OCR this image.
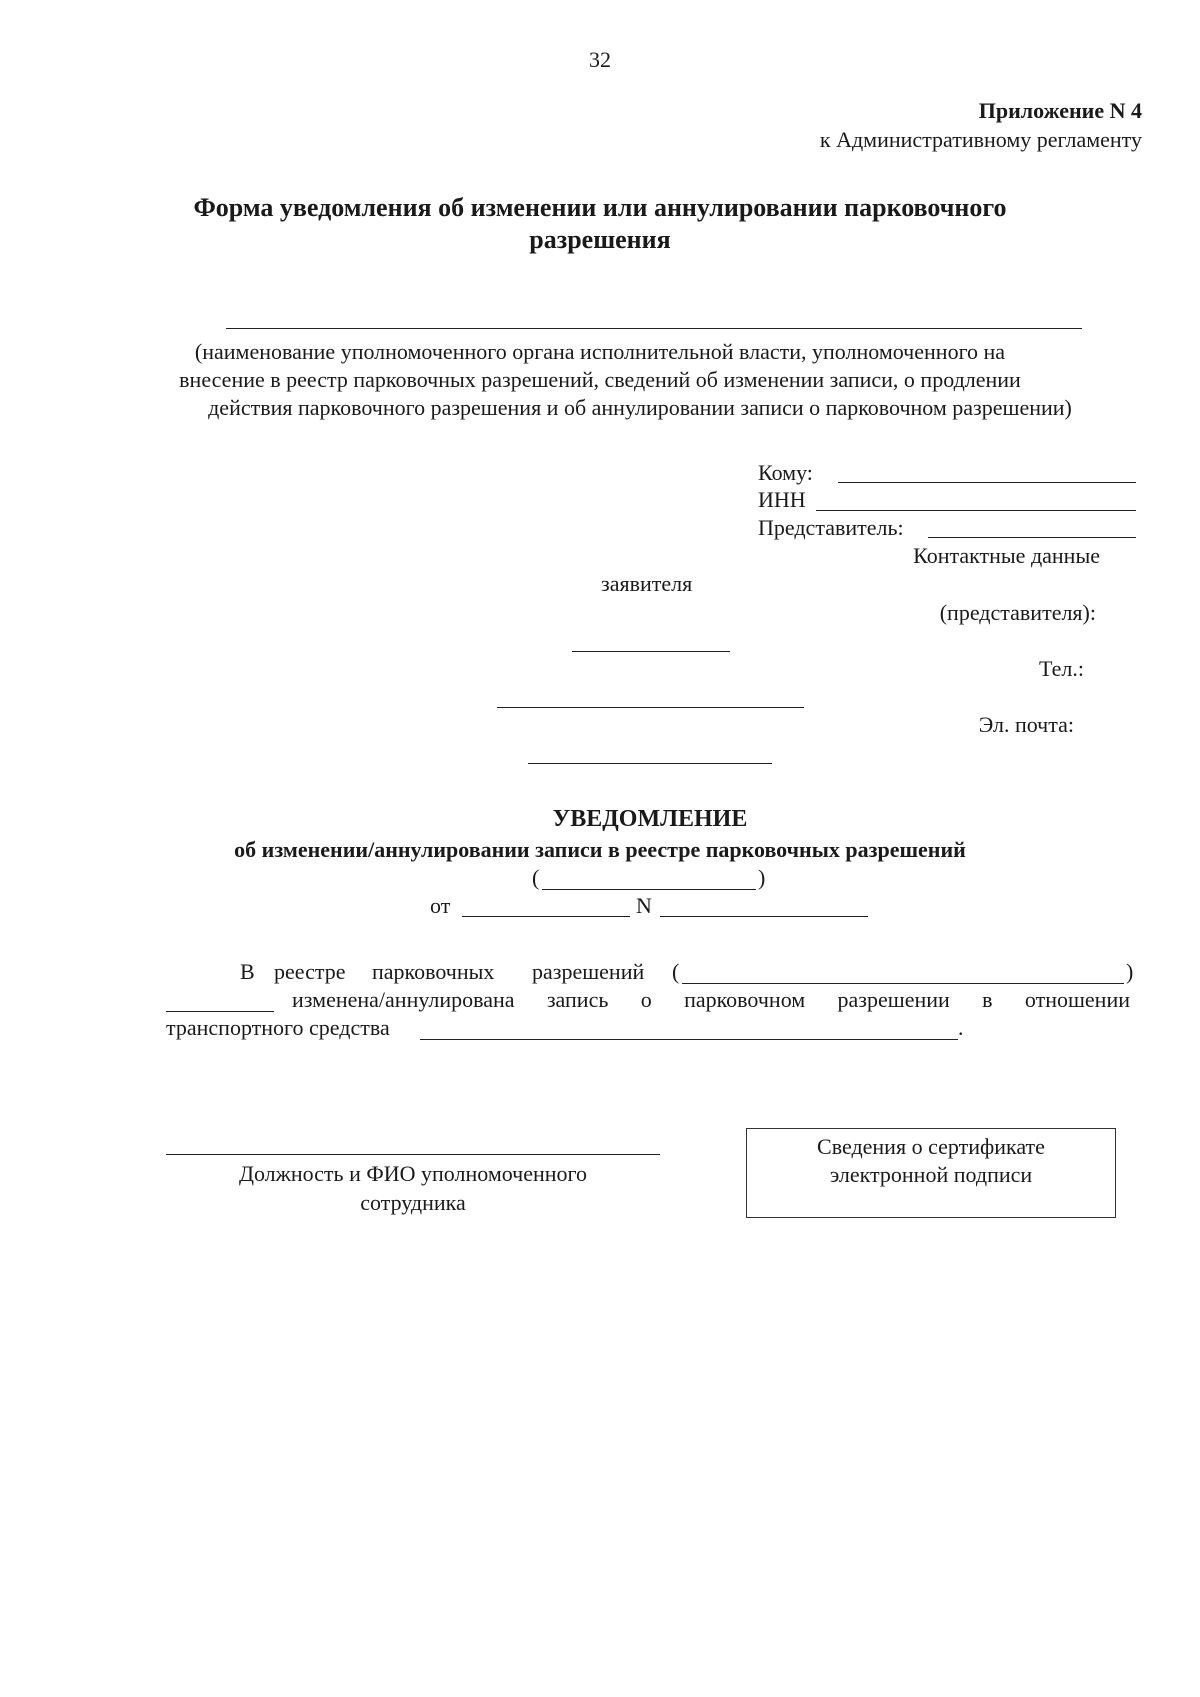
32
Приложение N 4
к Административному регламенту
Форма уведомления об изменении или аннулировании парковочного
разрешения
(наименование уполномоченного органа исполнительной власти, уполномоченного на
внесение в реестр парковочных разрешений, сведений об изменении записи, о продлении
действия парковочного разрешения и об аннулировании записи о парковочном разрешении)
Кому:
ИНН
Представитель:
Контактные данные
заявителя
(представителя):
Тел.:
Эл. почта:
УВЕДОМЛЕНИЕ
об изменении/аннулировании записи в реестре парковочных разрешений
(	)
от	N
В реестре парковочных разрешений (	)
изменена/аннулирована запись о парковочном разрешении в отношении
транспортного средства	.
Должность и ФИО уполномоченного
сотрудника
Сведения о сертификате
электронной подписи
